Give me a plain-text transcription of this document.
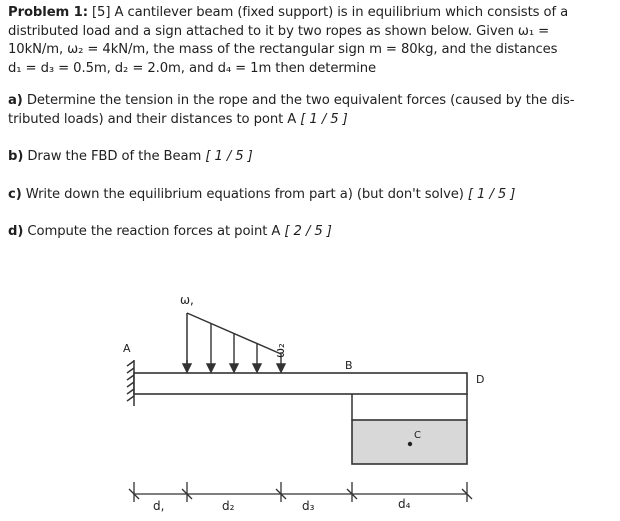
Problem 1: [5] A cantilever beam (fixed support) is in equilibrium which consists of a
distributed load and a sign attached to it by two ropes as shown below. Given ω₁ =
10kN/m, ω₂ = 4kN/m, the mass of the rectangular sign m = 80kg, and the distances
d₁ = d₃ = 0.5m, d₂ = 2.0m, and d₄ = 1m then determine

a) Determine the tension in the rope and the two equivalent forces (caused by the dis-
tributed loads) and their distances to pont A [ 1 / 5 ]

b) Draw the FBD of the Beam [ 1 / 5 ]

c) Write down the equilibrium equations from part a) (but don't solve) [ 1 / 5 ]

d) Compute the reaction forces at point A [ 2 / 5 ]

ω,
ω₂
A
B
C
D
d,	d₂	d₃	d₄
